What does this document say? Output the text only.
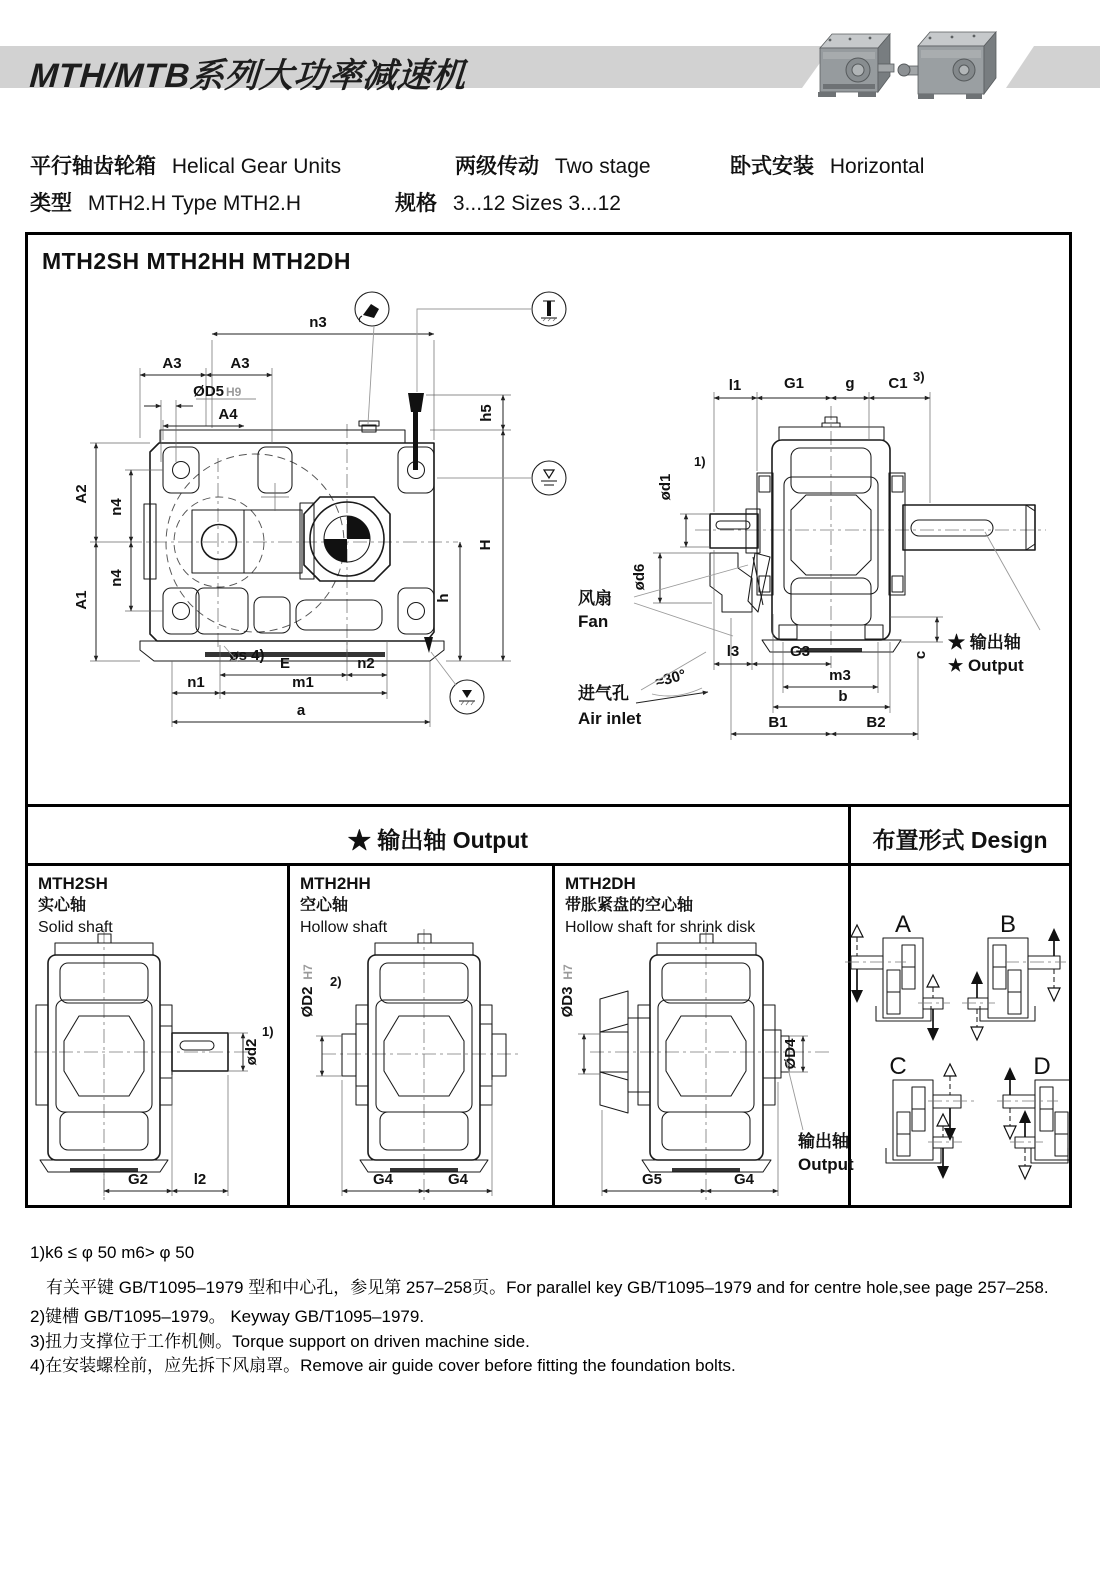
MTH/MTB系列大功率减速机
平行轴齿轮箱 Helical Gear Units	两级传动 Two stage	卧式安装 Horizontal
类型 MTH2.H Type MTH2.H	规格 3...12 Sizes 3...12
MTH2SH MTH2HH MTH2DH
n3
A3	A3
ØD5 H9
A4	h5
H
h
A2
n4
n4
A1
øs 4) E	n2
n1	m1
a
l1	G1	g C1 3)
ød1
1)
ød6
l3	G3
m3
b
B1	B2
c
≈30°
风扇
Fan
进气孔
Air inlet
★ 输出轴
★ Output
★ 输出轴 Output	布置形式 Design
MTH2SH
实心轴
Solid shaft
MTH2HH
空心轴
Hollow shaft
MTH2DH
带胀紧盘的空心轴
Hollow shaft for shrink disk
ød2
1)
G2	l2
ØD2
H7
2)
G4	G4
ØD3
H7
ØD4
输出轴
Output
G5	G4
A	B
C	D
1)k6 ≤ φ 50 m6> φ 50
有关平键 GB/T1095–1979 型和中心孔，参见第 257–258页。For parallel key GB/T1095–1979 and for centre hole,see page 257–258.
2)键槽 GB/T1095–1979。 Keyway GB/T1095–1979.
3)扭力支撑位于工作机侧。Torque support on driven machine side.
4)在安装螺栓前，应先拆下风扇罩。Remove air guide cover before fitting the foundation bolts.
